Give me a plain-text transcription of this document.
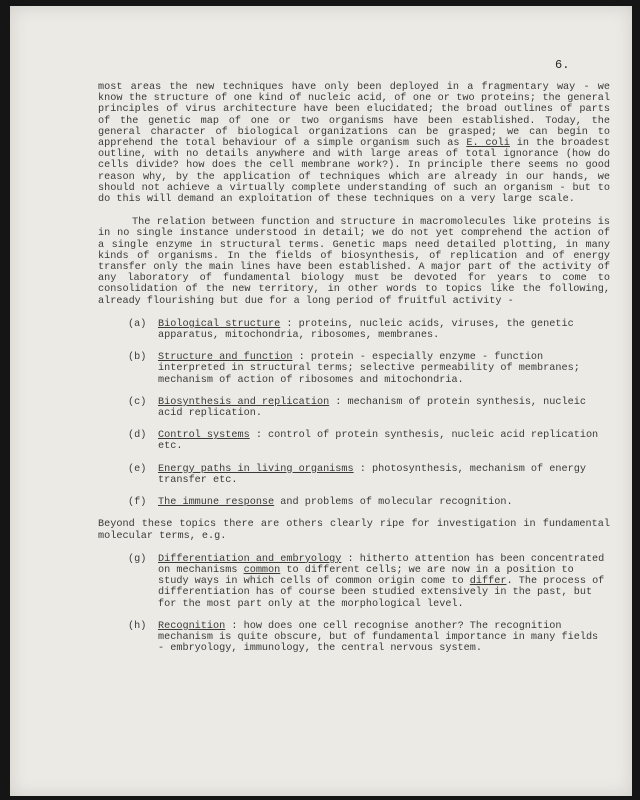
6.

most areas the new techniques have only been deployed in a fragmentary way - we know the structure of one kind of nucleic acid, of one or two proteins; the general principles of virus architecture have been elucidated; the broad outlines of parts of the genetic map of one or two organisms have been established. Today, the general character of biological organizations can be grasped; we can begin to apprehend the total behaviour of a simple organism such as E. coli in the broadest outline, with no details anywhere and with large areas of total ignorance (how do cells divide? how does the cell membrane work?). In principle there seems no good reason why, by the application of techniques which are already in our hands, we should not achieve a virtually complete understanding of such an organism - but to do this will demand an exploitation of these techniques on a very large scale.

The relation between function and structure in macromolecules like proteins is in no single instance understood in detail; we do not yet comprehend the action of a single enzyme in structural terms. Genetic maps need detailed plotting, in many kinds of organisms. In the fields of biosynthesis, of replication and of energy transfer only the main lines have been established. A major part of the activity of any laboratory of fundamental biology must be devoted for years to come to consolidation of the new territory, in other words to topics like the following, already flourishing but due for a long period of fruitful activity -

(a)	Biological structure : proteins, nucleic acids, viruses, the genetic apparatus, mitochondria, ribosomes, membranes.
(b)	Structure and function : protein - especially enzyme - function interpreted in structural terms; selective permeability of membranes; mechanism of action of ribosomes and mitochondria.
(c)	Biosynthesis and replication : mechanism of protein synthesis, nucleic acid replication.
(d)	Control systems : control of protein synthesis, nucleic acid replication etc.
(e)	Energy paths in living organisms : photosynthesis, mechanism of energy transfer etc.
(f)	The immune response and problems of molecular recognition.

Beyond these topics there are others clearly ripe for investigation in fundamental molecular terms, e.g.

(g)	Differentiation and embryology : hitherto attention has been concentrated on mechanisms common to different cells; we are now in a position to study ways in which cells of common origin come to differ. The process of differentiation has of course been studied extensively in the past, but for the most part only at the morphological level.
(h)	Recognition : how does one cell recognise another? The recognition mechanism is quite obscure, but of fundamental importance in many fields - embryology, immunology, the central nervous system.
